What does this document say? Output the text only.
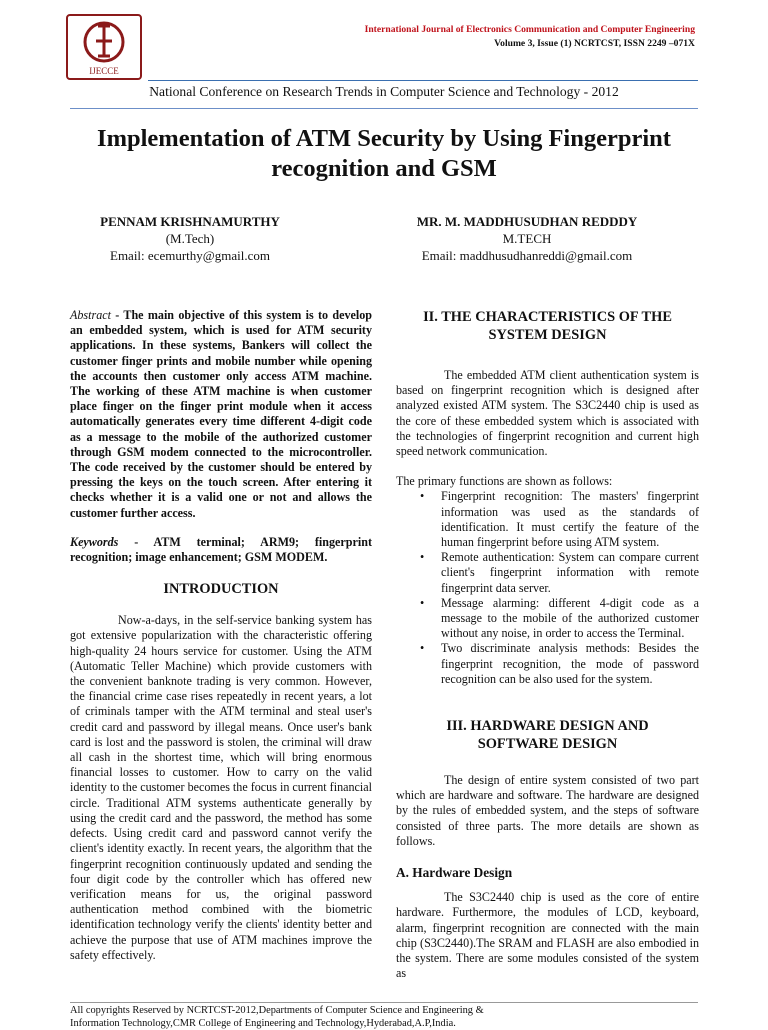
IJECCE
International Journal of Electronics Communication and Computer Engineering
Volume 3, Issue (1) NCRTCST, ISSN 2249 –071X
National Conference on Research Trends in Computer Science and Technology - 2012
Implementation of ATM Security by Using Fingerprint
recognition and GSM
PENNAM KRISHNAMURTHY
(M.Tech)
Email: ecemurthy@gmail.com
MR. M. MADDHUSUDHAN REDDDY
M.TECH
Email: maddhusudhanreddi@gmail.com

Abstract - The main objective of this system is to develop an embedded system, which is used for ATM security applications. In these systems, Bankers will collect the customer finger prints and mobile number while opening the accounts then customer only access ATM machine. The working of these ATM machine is when customer place finger on the finger print module when it access automatically generates every time different 4-digit code as a message to the mobile of the authorized customer through GSM modem connected to the microcontroller. The code received by the customer should be entered by pressing the keys on the touch screen. After entering it checks whether it is a valid one or not and allows the customer further access.

Keywords - ATM terminal; ARM9; fingerprint recognition; image enhancement; GSM MODEM.

INTRODUCTION

Now-a-days, in the self-service banking system has got extensive popularization with the characteristic offering high-quality 24 hours service for customer. Using the ATM (Automatic Teller Machine) which provide customers with the convenient banknote trading is very common. However, the financial crime case rises repeatedly in recent years, a lot of criminals tamper with the ATM terminal and steal user's credit card and password by illegal means. Once user's bank card is lost and the password is stolen, the criminal will draw all cash in the shortest time, which will bring enormous financial losses to customer. How to carry on the valid identity to the customer becomes the focus in current financial circle. Traditional ATM systems authenticate generally by using the credit card and the password, the method has some defects. Using credit card and password cannot verify the client's identity exactly. In recent years, the algorithm that the fingerprint recognition continuously updated and sending the four digit code by the controller which has offered new verification means for us, the original password authentication method combined with the biometric identification technology verify the clients' identity better and achieve the purpose that use of ATM machines improve the safety effectively.

II. THE CHARACTERISTICS OF THE
SYSTEM DESIGN

The embedded ATM client authentication system is based on fingerprint recognition which is designed after analyzed existed ATM system. The S3C2440 chip is used as the core of these embedded system which is associated with the technologies of fingerprint recognition and current high speed network communication.

The primary functions are shown as follows:

• Fingerprint recognition: The masters' fingerprint information was used as the standards of identification. It must certify the feature of the human fingerprint before using ATM system.
• Remote authentication: System can compare current client's fingerprint information with remote fingerprint data server.
• Message alarming: different 4-digit code as a message to the mobile of the authorized customer without any noise, in order to access the Terminal.
• Two discriminate analysis methods: Besides the fingerprint recognition, the mode of password recognition can be also used for the system.
III. HARDWARE DESIGN AND
SOFTWARE DESIGN

The design of entire system consisted of two part which are hardware and software. The hardware are designed by the rules of embedded system, and the steps of software consisted of three parts. The more details are shown as follows.

A. Hardware Design

The S3C2440 chip is used as the core of entire hardware. Furthermore, the modules of LCD, keyboard, alarm, fingerprint recognition are connected with the main chip (S3C2440).The SRAM and FLASH are also embodied in the system. There are some modules consisted of the system as

All copyrights Reserved by NCRTCST-2012,Departments of Computer Science and Engineering &
Information Technology,CMR College of Engineering and Technology,Hyderabad,A.P,India.
